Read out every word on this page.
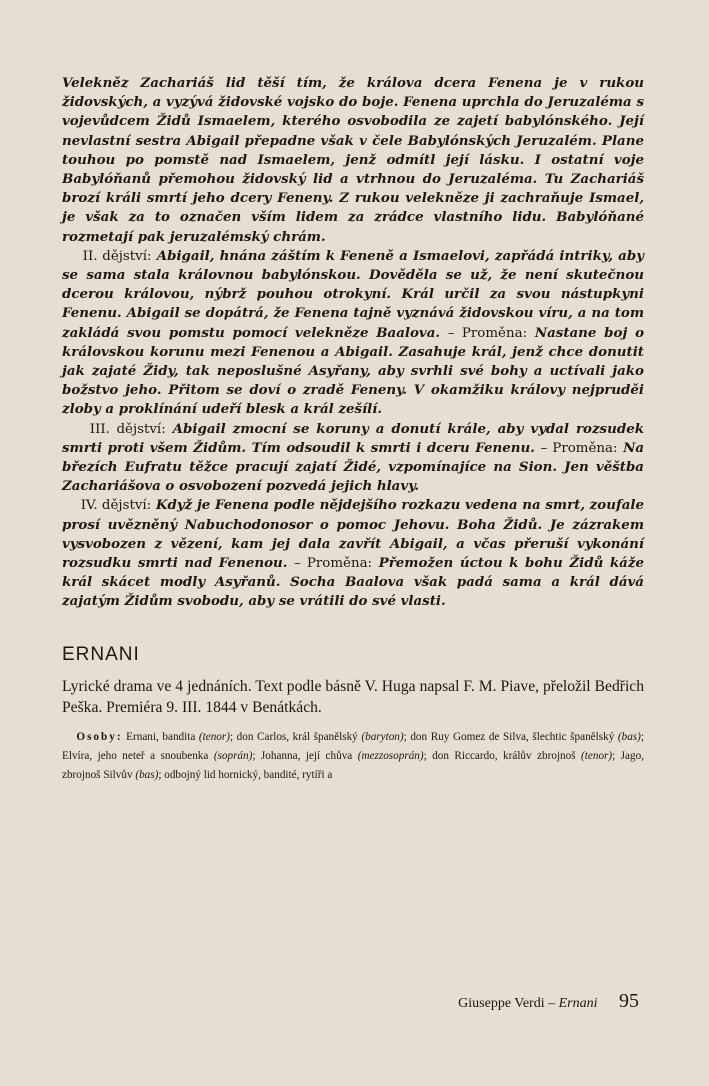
Velekněz Zachariáš lid těší tím, že králova dcera Fenena je v rukou židovských, a vyzývá židovské vojsko do boje. Fenena uprchla do Jeruzaléma s vojevůdcem Židů Ismaelem, kterého osvobodila ze zajetí babylónského. Její nevlastní sestra Abigail přepadne však v čele Babylónských Jeruzalém. Plane touhou po pomstě nad Ismaelem, jenž odmítl její lásku. I ostatní voje Babylóňanů přemohou židovský lid a vtrhnou do Jeruzaléma. Tu Zachariáš brozí králi smrtí jeho dcery Feneny. Z rukou velekněze ji zachraňuje Ismael, je však za to označen vším lidem za zrádce vlastního lidu. Babylóňané rozmetají pak jeruzalémský chrám.

II. dějství: Abigail, hnána záštím k Feneně a Ismaelovi, zapřádá intriky, aby se sama stala královnou babylónskou. Dověděla se už, že není skutečnou dcerou královou, nýbrž pouhou otrokyní. Král určil za svou nástupkyni Fenenu. Abigail se dopátrá, že Fenena tajně vyznává židovskou víru, a na tom zakládá svou pomstu pomocí velekněze Baalova. – Proměna: Nastane boj o královskou korunu mezi Fenenou a Abigail. Zasahuje král, jenž chce donutit jak zajaté Židy, tak neposlušné Asyřany, aby svrhli své bohy a uctívali jako božstvo jeho. Přitom se doví o zradě Feneny. V okamžiku královy nejpruděi zloby a proklínání udeří blesk a král zešílí.

III. dějství: Abigail zmocní se koruny a donutí krále, aby vydal rozsudek smrti proti všem Židům. Tím odsoudil k smrti i dceru Fenenu. – Proměna: Na březích Eufratu těžce pracují zajatí Židé, vzpomínajíce na Sion. Jen věštba Zachariášova o osvobození pozvedá jejich hlavy.

IV. dějství: Když je Fenena podle nějdejšího rozkazu vedena na smrt, zoufale prosí uvězněný Nabuchodonosor o pomoc Jehovu. Boha Židů. Je zázrakem vysvobozen z vězení, kam jej dala zavřít Abigail, a včas přeruší vykonání rozsudku smrti nad Fenenou. – Proměna: Přemožen úctou k bohu Židů káže král skácet modly Asyřanů. Socha Baalova však padá sama a král dává zajatým Židům svobodu, aby se vrátili do své vlasti.

ERNANI
Lyrické drama ve 4 jednáních. Text podle básně V. Huga napsal F. M. Piave, přeložil Bedřich Peška. Premiéra 9. III. 1844 v Benátkách.
Osoby: Ernani, bandita (tenor); don Carlos, král španělský (baryton); don Ruy Gomez de Silva, šlechtic španělský (bas); Elvíra, jeho neteř a snoubenka (soprán); Johanna, její chůva (mezzosoprán); don Riccardo, králův zbrojnoš (tenor); Jago, zbrojnoš Silvův (bas); odbojný lid hornický, bandité, rytíři a
Giuseppe Verdi – Ernani 95
